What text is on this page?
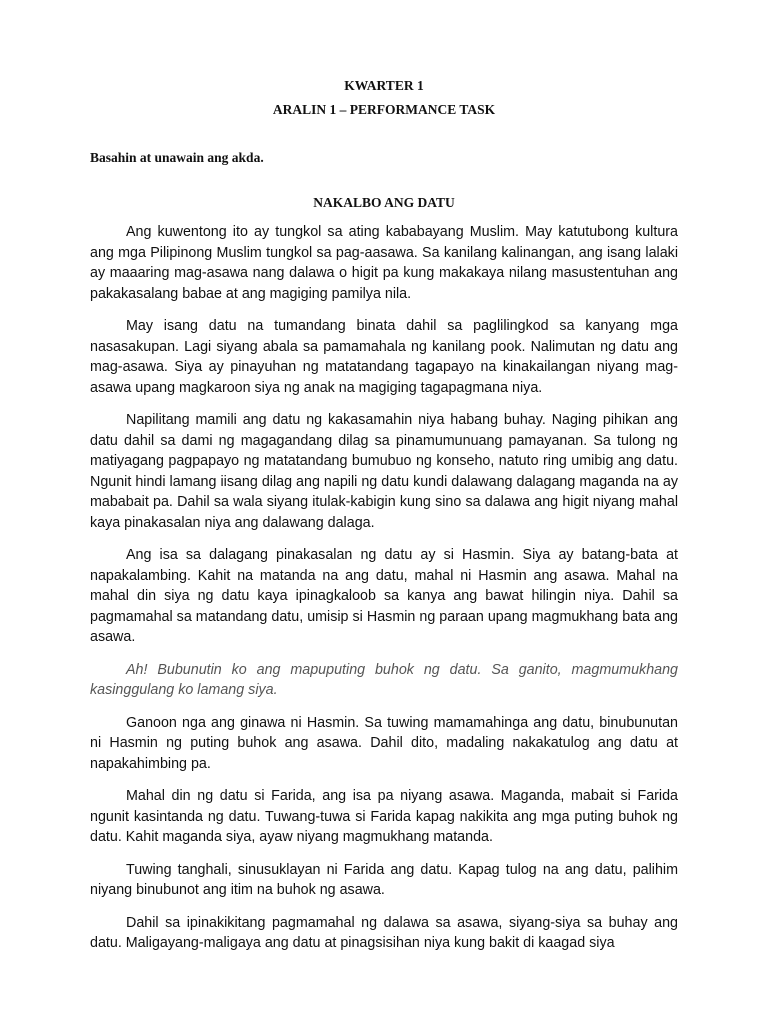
KWARTER 1

ARALIN 1 – PERFORMANCE TASK

Basahin at unawain ang akda.

NAKALBO ANG DATU

Ang kuwentong ito ay tungkol sa ating kababayang Muslim. May katutubong kultura ang mga Pilipinong Muslim tungkol sa pag-aasawa. Sa kanilang kalinangan, ang isang lalaki ay maaaring mag-asawa nang dalawa o higit pa kung makakaya nilang masustentuhan ang pakakasalang babae at ang magiging pamilya nila.

May isang datu na tumandang binata dahil sa paglilingkod sa kanyang mga nasasakupan. Lagi siyang abala sa pamamahala ng kanilang pook. Nalimutan ng datu ang mag-asawa. Siya ay pinayuhan ng matatandang tagapayo na kinakailangan niyang mag-asawa upang magkaroon siya ng anak na magiging tagapagmana niya.

Napilitang mamili ang datu ng kakasamahin niya habang buhay. Naging pihikan ang datu dahil sa dami ng magagandang dilag sa pinamumunuang pamayanan. Sa tulong ng matiyagang pagpapayo ng matatandang bumubuo ng konseho, natuto ring umibig ang datu. Ngunit hindi lamang iisang dilag ang napili ng datu kundi dalawang dalagang maganda na ay mababait pa. Dahil sa wala siyang itulak-kabigin kung sino sa dalawa ang higit niyang mahal kaya pinakasalan niya ang dalawang dalaga.

Ang isa sa dalagang pinakasalan ng datu ay si Hasmin. Siya ay batang-bata at napakalambing. Kahit na matanda na ang datu, mahal ni Hasmin ang asawa. Mahal na mahal din siya ng datu kaya ipinagkaloob sa kanya ang bawat hilingin niya. Dahil sa pagmamahal sa matandang datu, umisip si Hasmin ng paraan upang magmukhang bata ang asawa.

Ah! Bubunutin ko ang mapuputing buhok ng datu. Sa ganito, magmumukhang kasinggulang ko lamang siya.

Ganoon nga ang ginawa ni Hasmin. Sa tuwing mamamahinga ang datu, binubunutan ni Hasmin ng puting buhok ang asawa. Dahil dito, madaling nakakatulog ang datu at napakahimbing pa.

Mahal din ng datu si Farida, ang isa pa niyang asawa. Maganda, mabait si Farida ngunit kasintanda ng datu. Tuwang-tuwa si Farida kapag nakikita ang mga puting buhok ng datu. Kahit maganda siya, ayaw niyang magmukhang matanda.

Tuwing tanghali, sinusuklayan ni Farida ang datu. Kapag tulog na ang datu, palihim niyang binubunot ang itim na buhok ng asawa.

Dahil sa ipinakikitang pagmamahal ng dalawa sa asawa, siyang-siya sa buhay ang datu. Maligayang-maligaya ang datu at pinagsisihan niya kung bakit di kaagad siya
